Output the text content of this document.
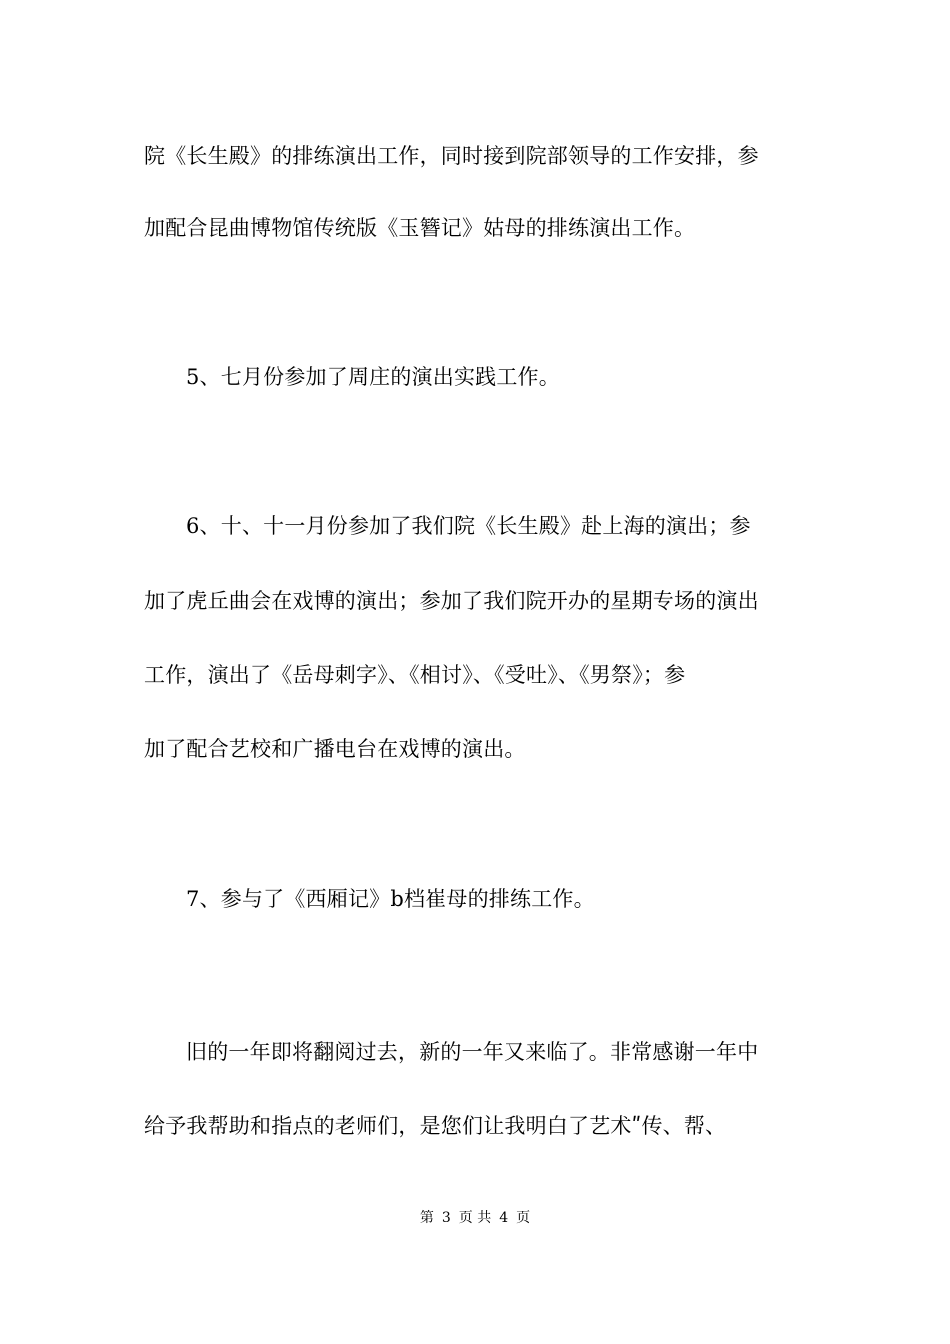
院《长生殿》的排练演出工作，同时接到院部领导的工作安排，参
加配合昆曲博物馆传统版《玉簪记》姑母的排练演出工作。
5、七月份参加了周庄的演出实践工作。
6、十、十一月份参加了我们院《长生殿》赴上海的演出；参
加了虎丘曲会在戏博的演出；参加了我们院开办的星期专场的演出
工作，演出了《岳母刺字》、《相讨》、《受吐》、《男祭》；参
加了配合艺校和广播电台在戏博的演出。
7、参与了《西厢记》b档崔母的排练工作。
旧的一年即将翻阅过去，新的一年又来临了。非常感谢一年中
给予我帮助和指点的老师们，是您们让我明白了艺术ʺ传、帮、
第 3 页 共 4 页
